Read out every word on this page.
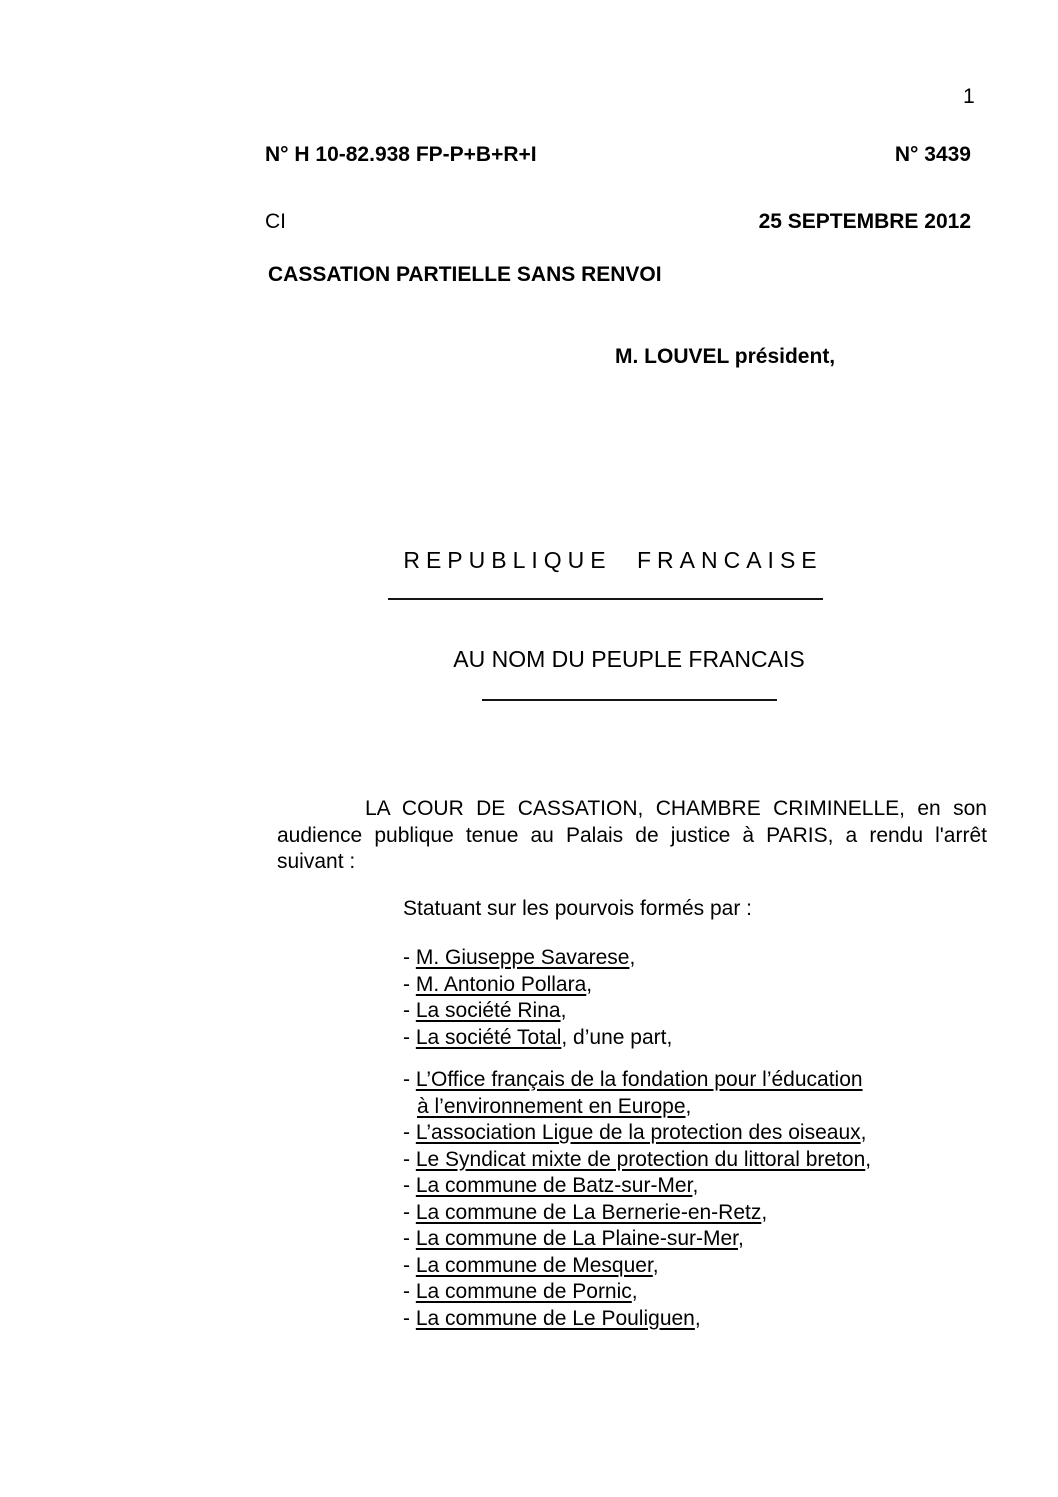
1
N° H 10-82.938 FP-P+B+R+I	N° 3439
CI	25 SEPTEMBRE 2012
CASSATION PARTIELLE SANS RENVOI
M. LOUVEL président,
REPUBLIQUE FRANCAISE
AU NOM DU PEUPLE FRANCAIS

LA COUR DE CASSATION, CHAMBRE CRIMINELLE, en son audience publique tenue au Palais de justice à PARIS, a rendu l'arrêt suivant :

Statuant sur les pourvois formés par :

- M. Giuseppe Savarese,
- M. Antonio Pollara,
- La société Rina,
- La société Total, d’une part,
- L’Office français de la fondation pour l’éducation
à l’environnement en Europe,
- L’association Ligue de la protection des oiseaux,
- Le Syndicat mixte de protection du littoral breton,
- La commune de Batz-sur-Mer,
- La commune de La Bernerie-en-Retz,
- La commune de La Plaine-sur-Mer,
- La commune de Mesquer,
- La commune de Pornic,
- La commune de Le Pouliguen,
